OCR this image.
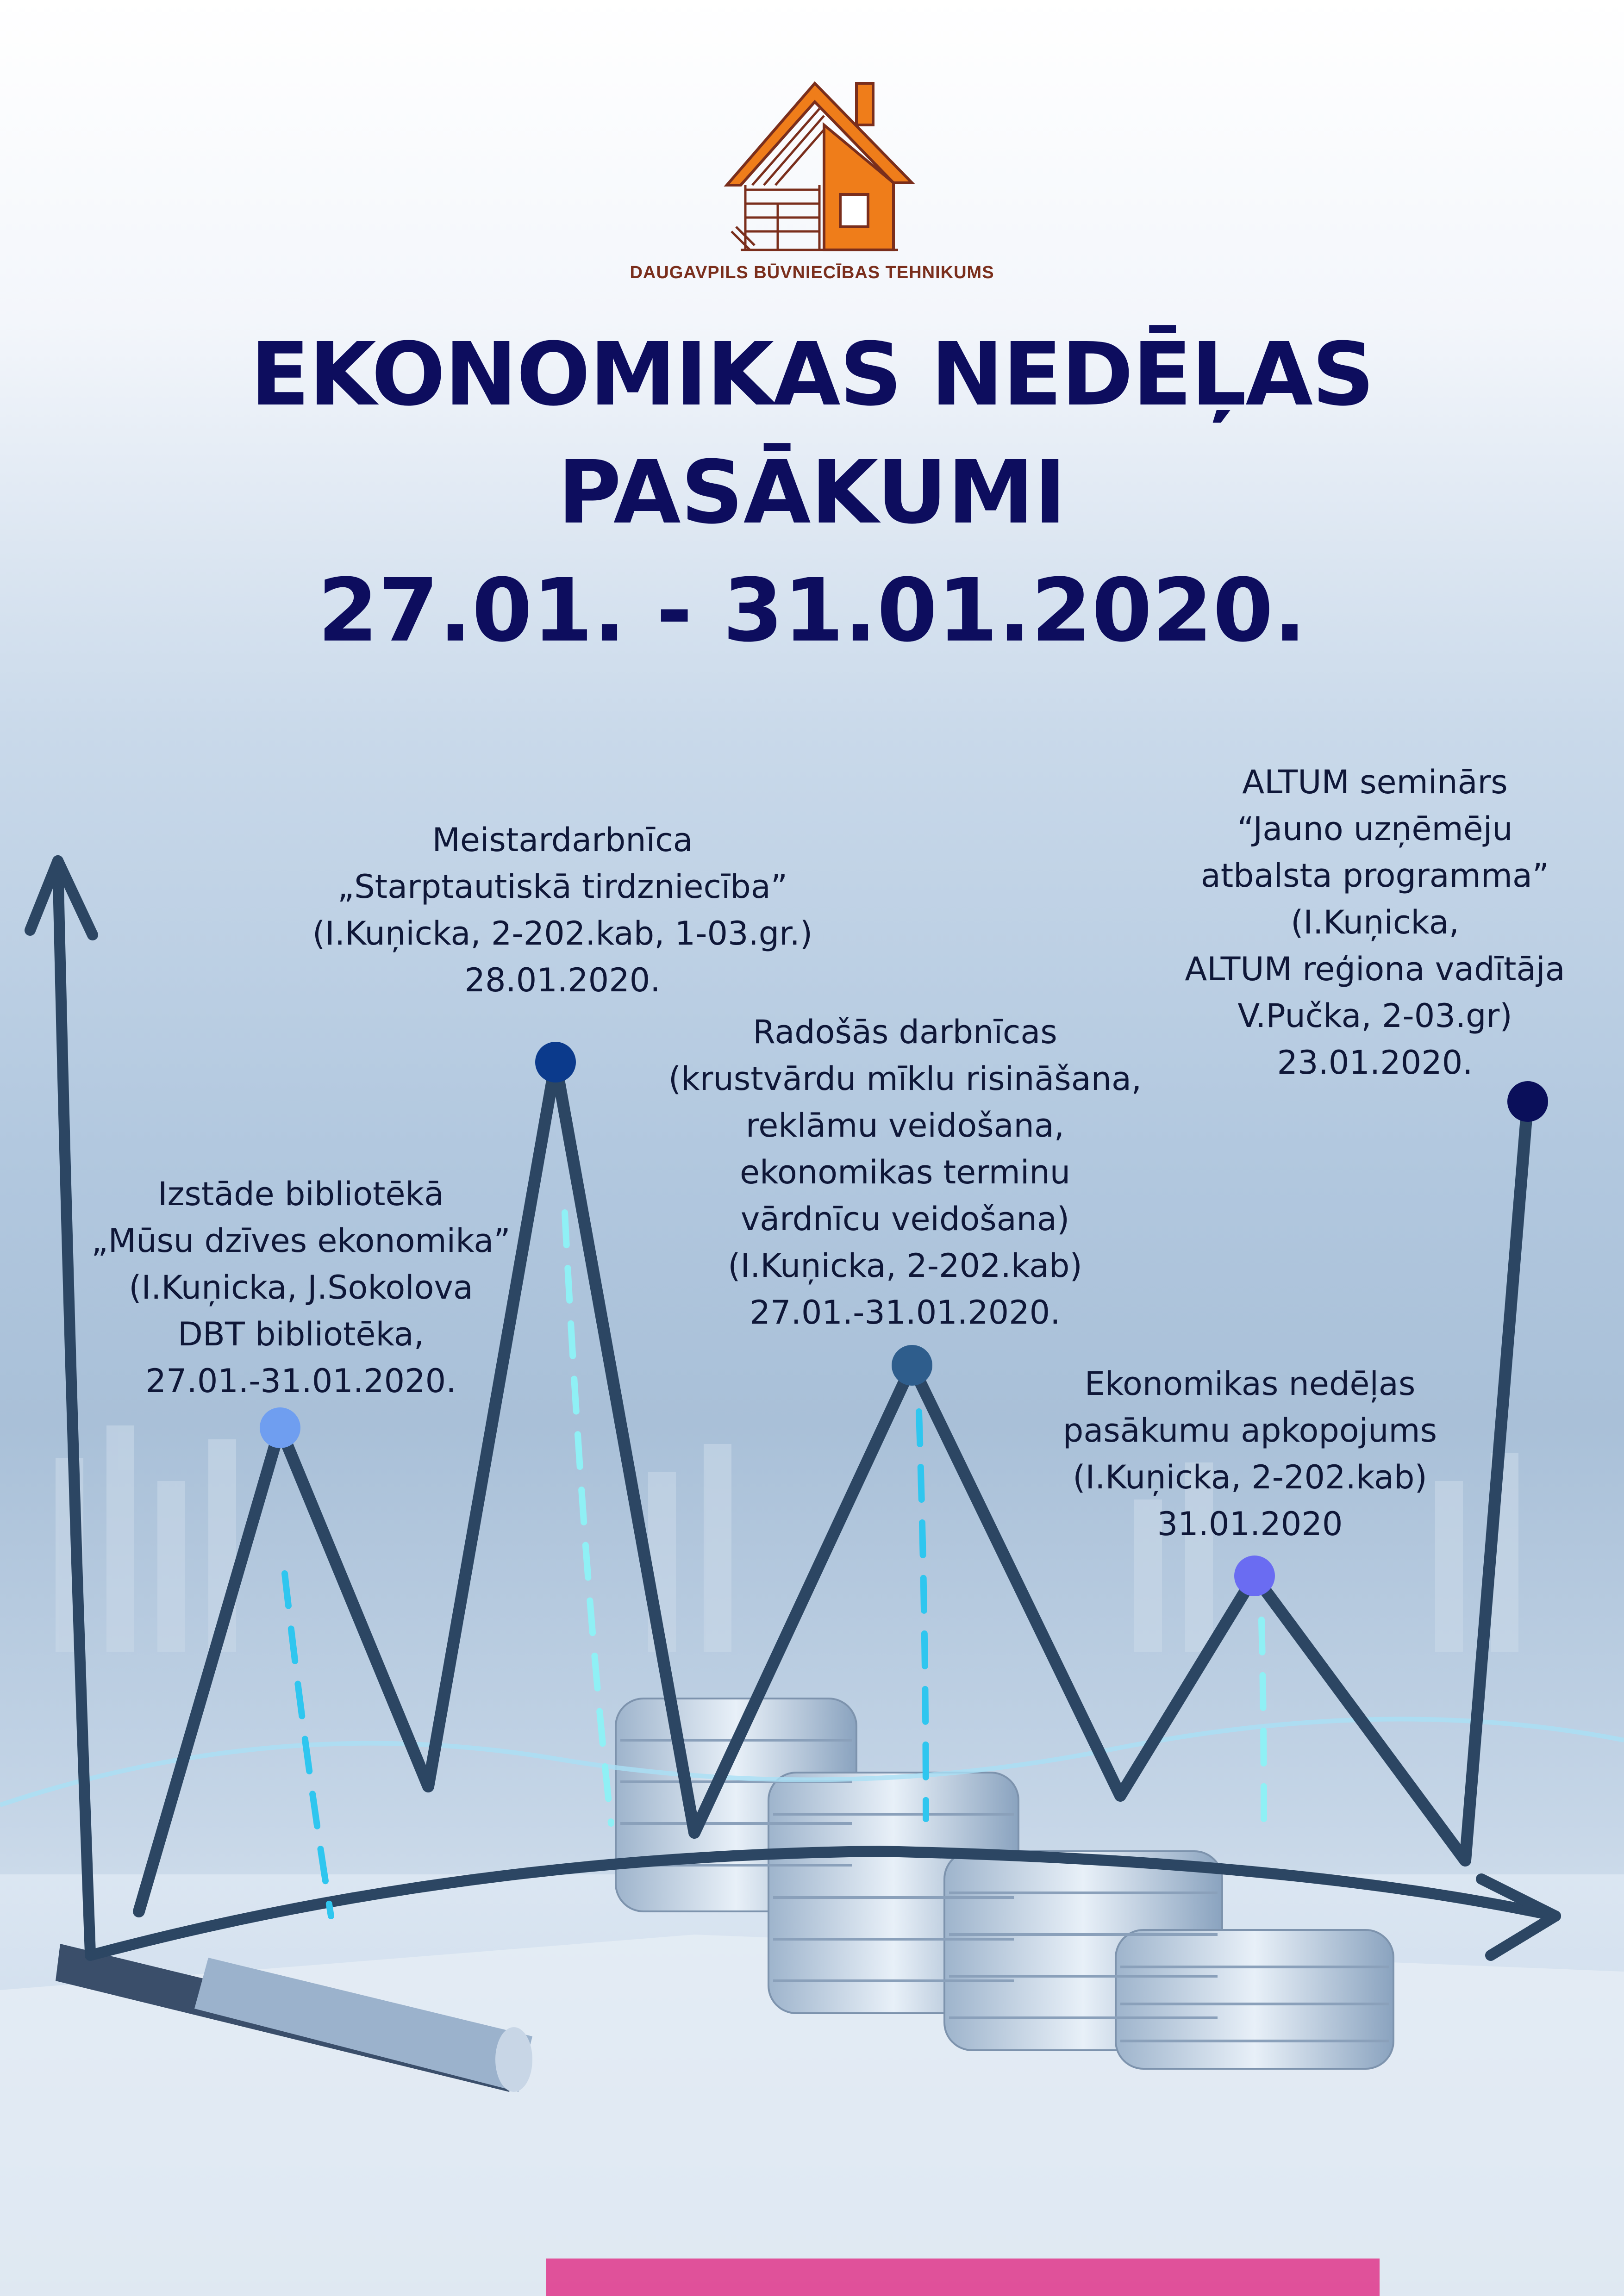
DAUGAVPILS BŪVNIECĪBAS TEHNIKUMS
EKONOMIKAS NEDĒĻAS
PASĀKUMI
27.01. - 31.01.2020.
Izstāde bibliotēkā
„Mūsu dzīves ekonomika”
(I.Kuņicka, J.Sokolova
DBT bibliotēka,
27.01.-31.01.2020.
Meistardarbnīca
„Starptautiskā tirdzniecība”
(I.Kuņicka, 2-202.kab, 1-03.gr.)
28.01.2020.
Radošās darbnīcas
(krustvārdu mīklu risināšana,
reklāmu veidošana,
ekonomikas terminu
vārdnīcu veidošana)
(I.Kuņicka, 2-202.kab)
27.01.-31.01.2020.
Ekonomikas nedēļas
pasākumu apkopojums
(I.Kuņicka, 2-202.kab)
31.01.2020
ALTUM seminārs
“Jauno uzņēmēju
atbalsta programma”
(I.Kuņicka,
ALTUM reģiona vadītāja
V.Pučka, 2-03.gr)
23.01.2020.
